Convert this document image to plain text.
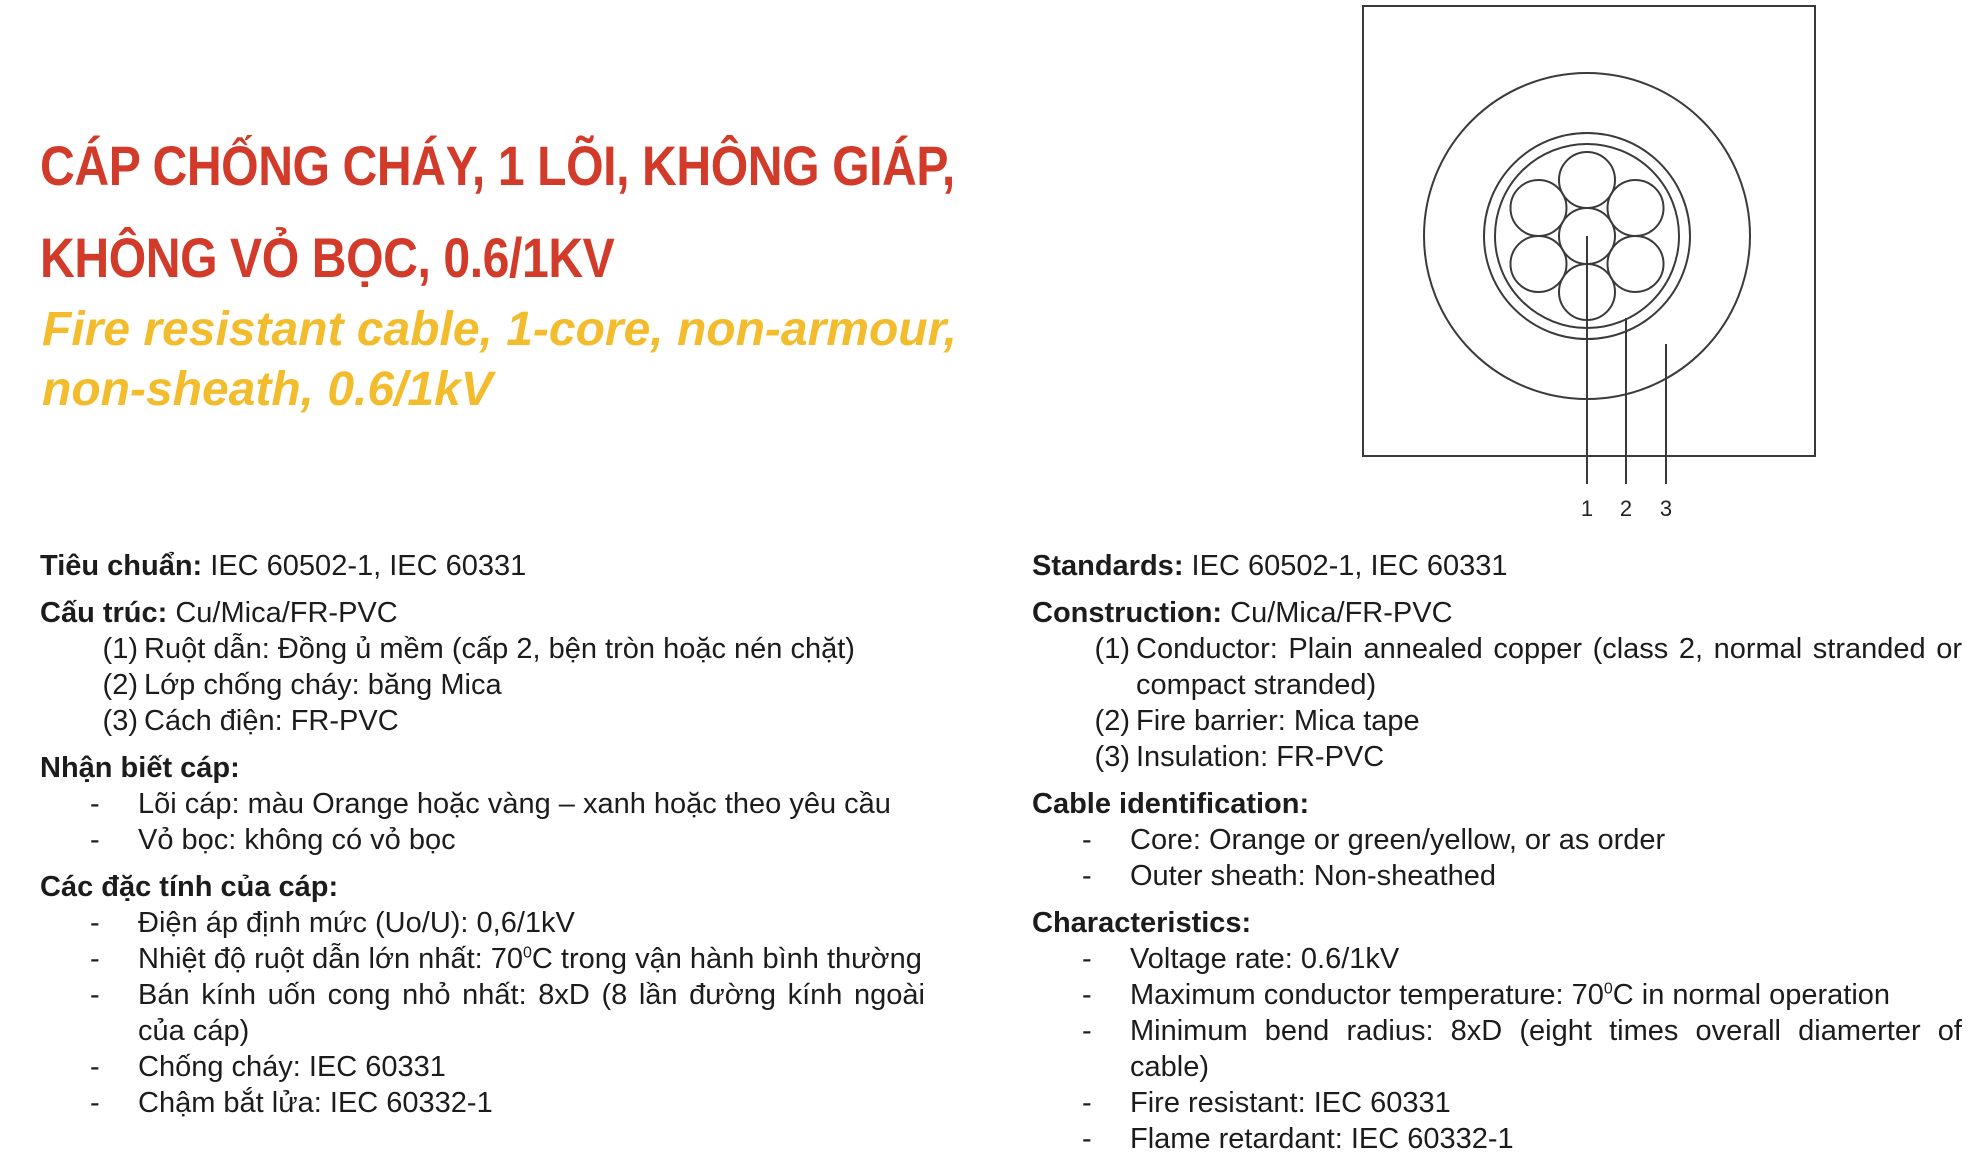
CÁP CHỐNG CHÁY, 1 LÕI, KHÔNG GIÁP,
KHÔNG VỎ BỌC, 0.6/1KV
Fire resistant cable, 1-core, non-armour,
non-sheath, 0.6/1kV
1 2 3
Tiêu chuẩn: IEC 60502-1, IEC 60331
Cấu trúc: Cu/Mica/FR-PVC
(1) Ruột dẫn: Đồng ủ mềm (cấp 2, bện tròn hoặc nén chặt)
(2) Lớp chống cháy: băng Mica
(3) Cách điện: FR-PVC
Nhận biết cáp:
-	Lõi cáp: màu Orange hoặc vàng – xanh hoặc theo yêu cầu
-	Vỏ bọc: không có vỏ bọc
Các đặc tính của cáp:
-	Điện áp định mức (Uo/U): 0,6/1kV
-	Nhiệt độ ruột dẫn lớn nhất: $70^0C$ trong vận hành bình thường
-	Bán kính uốn cong nhỏ nhất: 8xD (8 lần đường kính ngoài của cáp)
-	Chống cháy: IEC 60331
-	Chậm bắt lửa: IEC 60332-1
Standards: IEC 60502-1, IEC 60331
Construction: Cu/Mica/FR-PVC
(1) Conductor: Plain annealed copper (class 2, normal stranded or compact stranded)
(2) Fire barrier: Mica tape
(3) Insulation: FR-PVC
Cable identification:
-	Core: Orange or green/yellow, or as order
-	Outer sheath: Non-sheathed
Characteristics:
-	Voltage rate: 0.6/1kV
-	Maximum conductor temperature: $70^0C$ in normal operation
-	Minimum bend radius: 8xD (eight times overall diamerter of cable)
-	Fire resistant: IEC 60331
-	Flame retardant: IEC 60332-1
